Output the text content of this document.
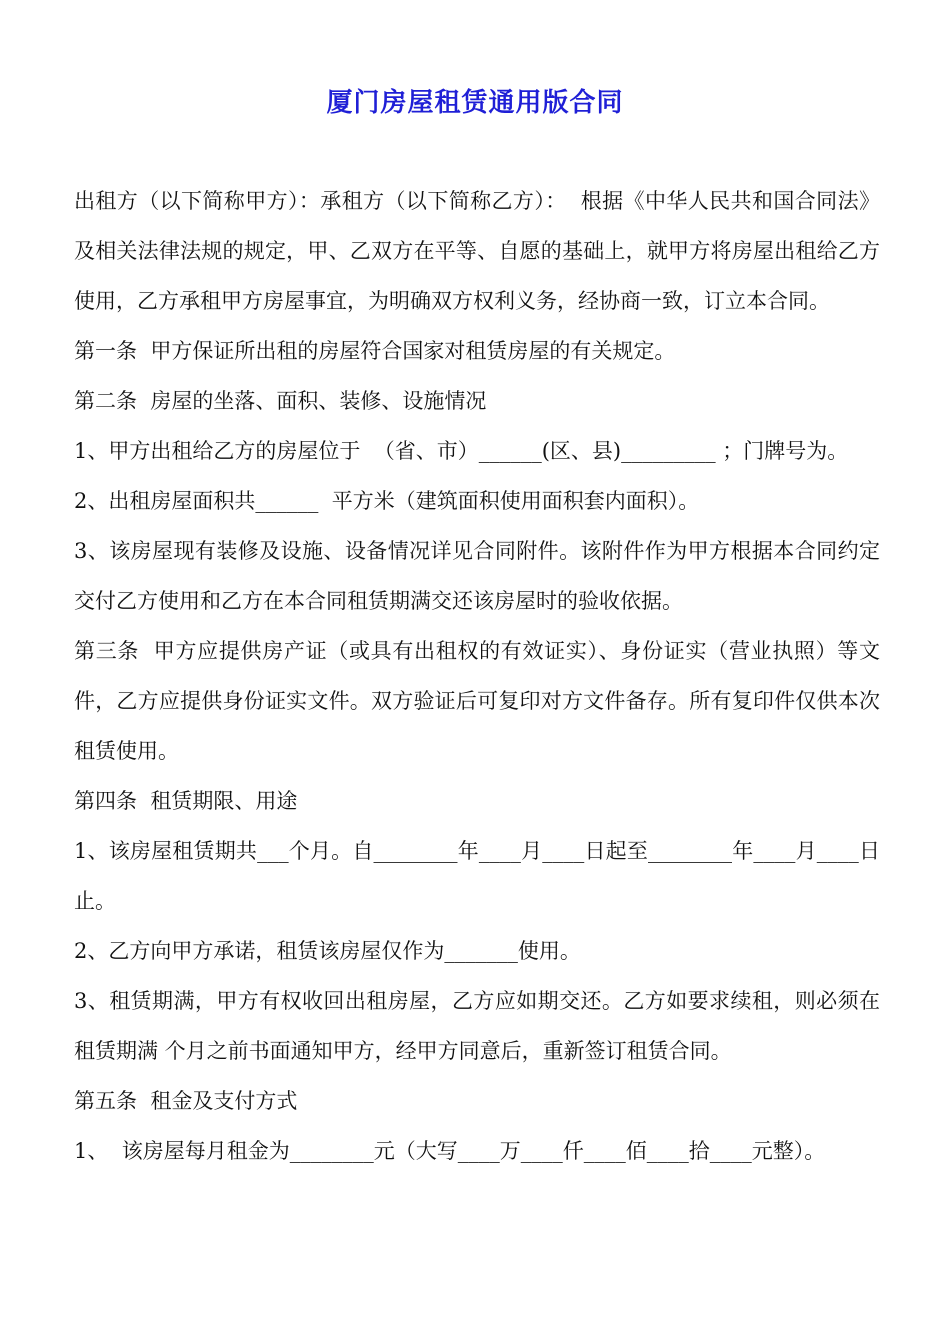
厦门房屋租赁通用版合同

出租方（以下简称甲方）：承租方（以下简称乙方）：  根据《中华人民共和国合同法》及相关法律法规的规定，甲、乙双方在平等、自愿的基础上，就甲方将房屋出租给乙方使用，乙方承租甲方房屋事宜，为明确双方权利义务，经协商一致，订立本合同。

第一条  甲方保证所出租的房屋符合国家对租赁房屋的有关规定。

第二条  房屋的坐落、面积、装修、设施情况

1、甲方出租给乙方的房屋位于  （省、市）______(区、县)_________ ；门牌号为。

2、出租房屋面积共______  平方米（建筑面积使用面积套内面积）。

3、该房屋现有装修及设施、设备情况详见合同附件。该附件作为甲方根据本合同约定交付乙方使用和乙方在本合同租赁期满交还该房屋时的验收依据。

第三条  甲方应提供房产证（或具有出租权的有效证实）、身份证实（营业执照）等文件，乙方应提供身份证实文件。双方验证后可复印对方文件备存。所有复印件仅供本次租赁使用。

第四条  租赁期限、用途

1、该房屋租赁期共___个月。自________年____月____日起至________年____月____日止。

2、乙方向甲方承诺，租赁该房屋仅作为_______使用。

3、租赁期满，甲方有权收回出租房屋，乙方应如期交还。乙方如要求续租，则必须在租赁期满 个月之前书面通知甲方，经甲方同意后，重新签订租赁合同。

第五条  租金及支付方式

1、  该房屋每月租金为________元（大写____万____仟____佰____拾____元整）。
